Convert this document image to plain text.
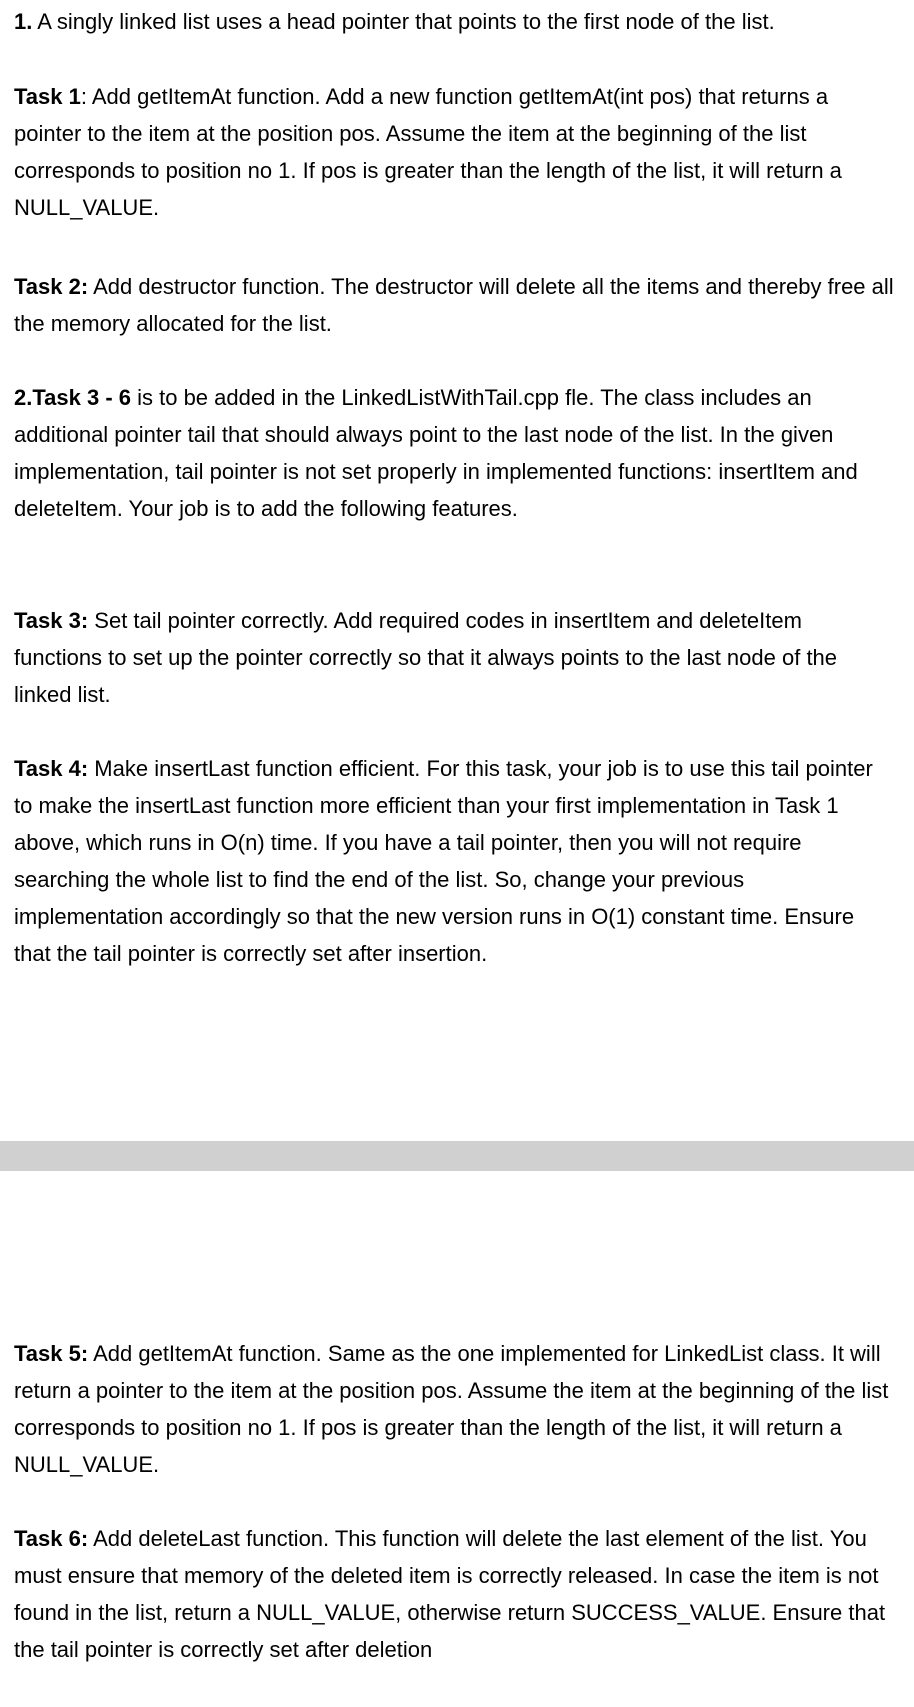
1. A singly linked list uses a head pointer that points to the first node of the list.

Task 1: Add getItemAt function. Add a new function getItemAt(int pos) that returns a pointer to the item at the position pos. Assume the item at the beginning of the list corresponds to position no 1. If pos is greater than the length of the list, it will return a NULL_VALUE.

Task 2: Add destructor function. The destructor will delete all the items and thereby free all the memory allocated for the list.

2.Task 3 - 6 is to be added in the LinkedListWithTail.cpp fle. The class includes an additional pointer tail that should always point to the last node of the list. In the given implementation, tail pointer is not set properly in implemented functions: insertItem and deleteItem. Your job is to add the following features.

Task 3: Set tail pointer correctly. Add required codes in insertItem and deleteItem functions to set up the pointer correctly so that it always points to the last node of the linked list.

Task 4: Make insertLast function efficient. For this task, your job is to use this tail pointer to make the insertLast function more efficient than your first implementation in Task 1 above, which runs in O(n) time. If you have a tail pointer, then you will not require searching the whole list to find the end of the list. So, change your previous implementation accordingly so that the new version runs in O(1) constant time. Ensure that the tail pointer is correctly set after insertion.

Task 5: Add getItemAt function. Same as the one implemented for LinkedList class. It will return a pointer to the item at the position pos. Assume the item at the beginning of the list corresponds to position no 1. If pos is greater than the length of the list, it will return a NULL_VALUE.

Task 6: Add deleteLast function. This function will delete the last element of the list. You must ensure that memory of the deleted item is correctly released. In case the item is not found in the list, return a NULL_VALUE, otherwise return SUCCESS_VALUE. Ensure that the tail pointer is correctly set after deletion
